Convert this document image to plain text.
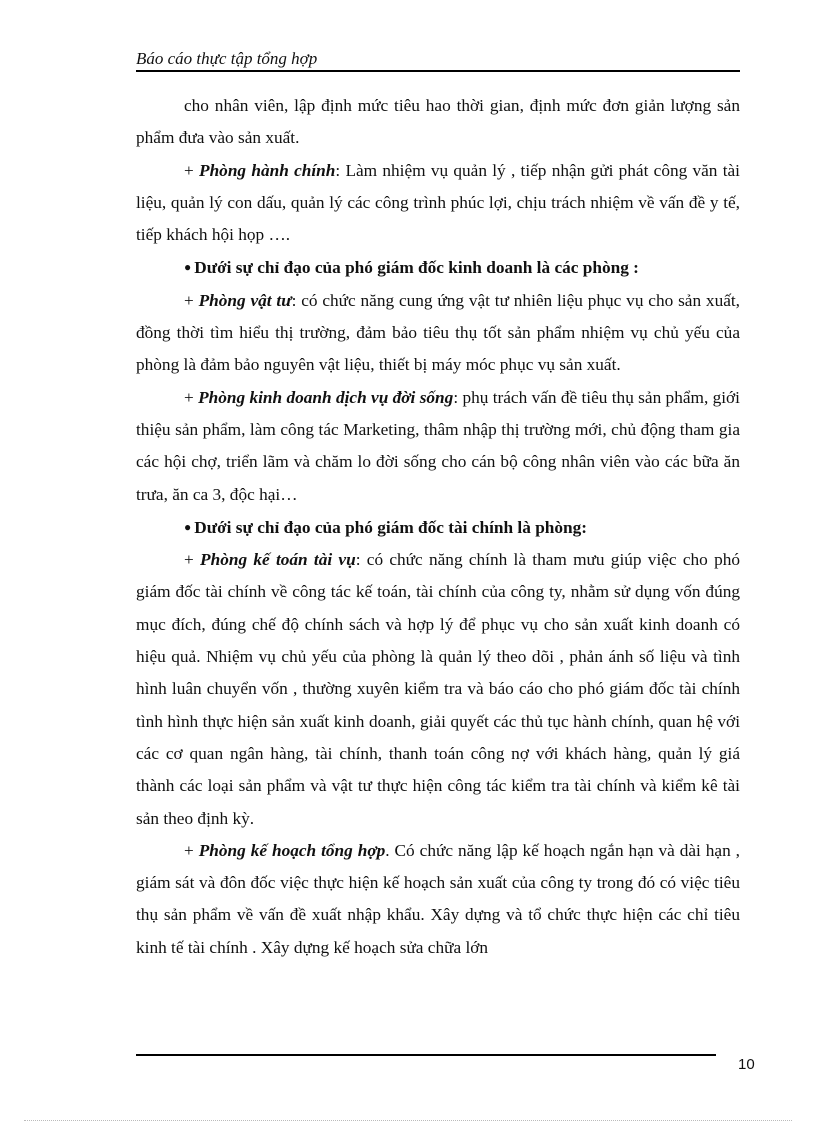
Báo cáo thực tập tổng hợp

cho nhân viên, lập định mức tiêu hao thời gian, định mức đơn giản lượng sản phẩm đưa vào sản xuất.

+ Phòng hành chính: Làm nhiệm vụ quản lý , tiếp nhận gửi phát công văn tài liệu, quản lý con dấu, quản lý các công trình phúc lợi, chịu trách nhiệm về vấn đề y tế, tiếp khách hội họp ….

● Dưới sự chỉ đạo của phó giám đốc kinh doanh là các phòng :

+ Phòng vật tư: có chức năng cung ứng vật tư nhiên liệu phục vụ cho sản xuất, đồng thời tìm hiểu thị trường, đảm bảo tiêu thụ tốt sản phẩm nhiệm vụ chủ yếu của phòng là đảm bảo nguyên vật liệu, thiết bị máy móc phục vụ sản xuất.

+ Phòng kinh doanh dịch vụ đời sống: phụ trách vấn đề tiêu thụ sản phẩm, giới thiệu sản phẩm, làm công tác Marketing, thâm nhập thị trường mới, chủ động tham gia các hội chợ, triển lãm và chăm lo đời sống cho cán bộ công nhân viên vào các bữa ăn trưa, ăn ca 3, độc hại…

● Dưới sự chỉ đạo của phó giám đốc tài chính là phòng:

+ Phòng kế toán tài vụ: có chức năng chính là tham mưu giúp việc cho phó giám đốc tài chính về công tác kế toán, tài chính của công ty, nhằm sử dụng vốn đúng mục đích, đúng chế độ chính sách và hợp lý để phục vụ cho sản xuất kinh doanh có hiệu quả. Nhiệm vụ chủ yếu của phòng là quản lý theo dõi , phản ánh số liệu và tình hình luân chuyển vốn , thường xuyên kiểm tra và báo cáo cho phó giám đốc tài chính tình hình thực hiện sản xuất kinh doanh, giải quyết các thủ tục hành chính, quan hệ với các cơ quan ngân hàng, tài chính, thanh toán công nợ với khách hàng, quản lý giá thành các loại sản phẩm và vật tư thực hiện công tác kiểm tra tài chính và kiểm kê tài sản theo định kỳ.

+ Phòng kế hoạch tổng hợp. Có chức năng lập kế hoạch ngắn hạn và dài hạn , giám sát và đôn đốc việc thực hiện kế hoạch sản xuất của công ty trong đó có việc tiêu thụ sản phẩm về vấn đề xuất nhập khẩu. Xây dựng và tổ chức thực hiện các chỉ tiêu kinh tế tài chính . Xây dựng kế hoạch sửa chữa lớn

10
